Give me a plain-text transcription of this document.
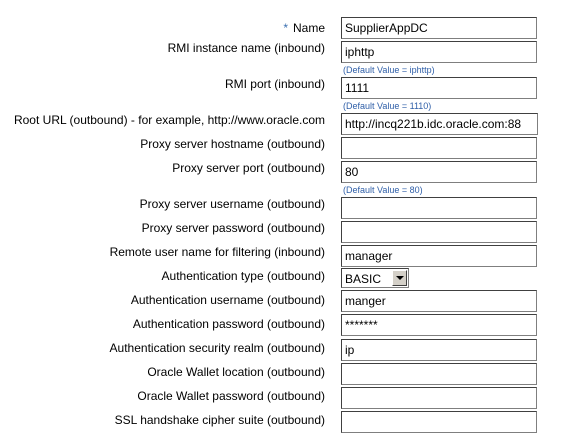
* Name
SupplierAppDC
RMI instance name (inbound)
iphttp
(Default Value = iphttp)
RMI port (inbound)
1111
(Default Value = 1110)
Root URL (outbound) - for example, http://www.oracle.com
http://incq221b.idc.oracle.com:88
Proxy server hostname (outbound)
Proxy server port (outbound)
80
(Default Value = 80)
Proxy server username (outbound)
Proxy server password (outbound)
Remote user name for filtering (inbound)
manager
Authentication type (outbound) BASIC
Authentication username (outbound)
manger
Authentication password (outbound)
*******
Authentication security realm (outbound)
ip
Oracle Wallet location (outbound)
Oracle Wallet password (outbound)
SSL handshake cipher suite (outbound)
